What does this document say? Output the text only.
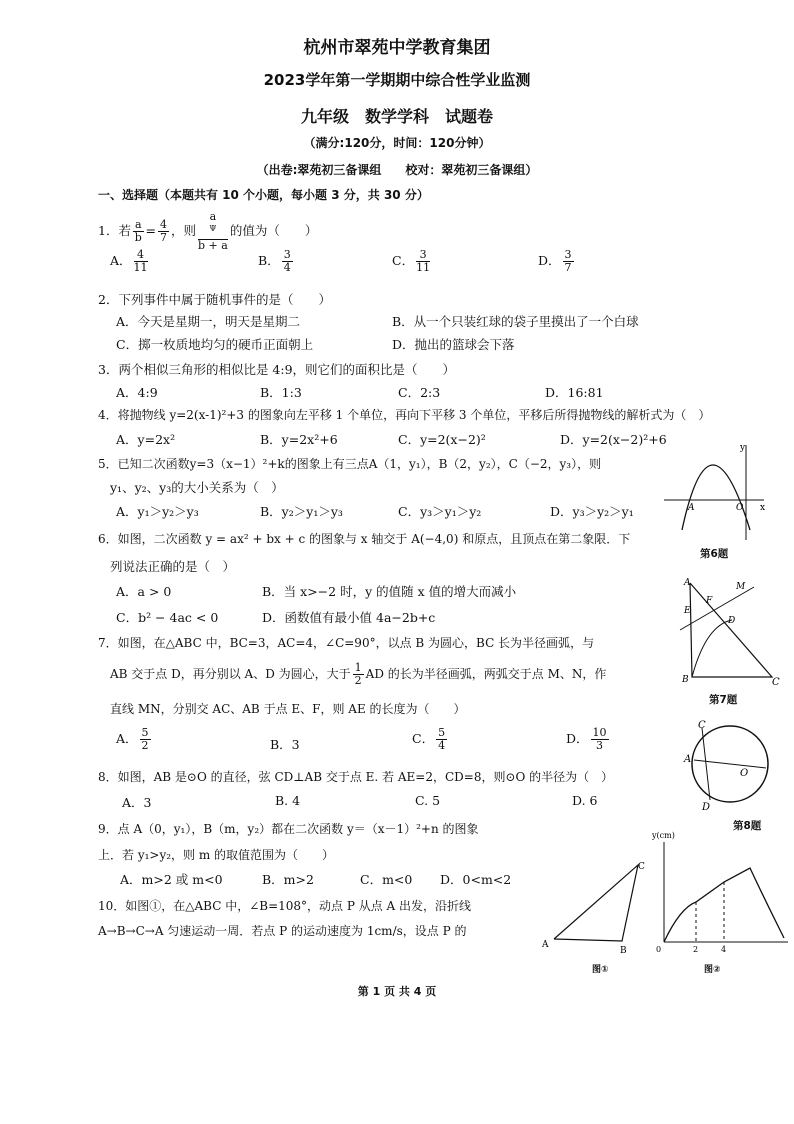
杭州市翠苑中学教育集团
2023学年第一学期期中综合性学业监测
九年级　数学学科　试题卷
（满分:120分，时间：120分钟）
（出卷:翠苑初三备课组　　校对：翠苑初三备课组）
一、选择题（本题共有 10 个小题，每小题 3 分，共 30 分）
1．若 $\frac{a}{b} = \frac{4}{7}$ ，则 a
$^\Psi$
b + a 的值为（　　）
A． $\frac{4}{11}$	B． $\frac{3}{4}$	C． $\frac{3}{11}$	D． $\frac{3}{7}$
2．下列事件中属于随机事件的是（　　）
A．今天是星期一，明天是星期二	B．从一个只装红球的袋子里摸出了一个白球
C．掷一枚质地均匀的硬币正面朝上	D．抛出的篮球会下落
3．两个相似三角形的相似比是 4:9，则它们的面积比是（　　）
A．4:9	B．1:3	C．2:3	D．16:81
4．将抛物线 y=2(x-1)²+3 的图象向左平移 1 个单位，再向下平移 3 个单位，平移后所得抛物线的解析式为（　）
A．y=2x²	B．y=2x²+6	C．y=2(x−2)²	D．y=2(x−2)²+6
5．已知二次函数y=3（x−1）²+k的图象上有三点A（1，y₁），B（2，y₂），C（−2，y₃），则
y₁、y₂、y₃的大小关系为（　）
A．y₁＞y₂＞y₃	B．y₂＞y₁＞y₃	C．y₃＞y₁＞y₂	D．y₃＞y₂＞y₁
6．如图，二次函数 y = ax² + bx + c 的图象与 x 轴交于 A(−4,0) 和原点，且顶点在第二象限．下
列说法正确的是（　）
A．a > 0	B．当 x>−2 时，y 的值随 x 值的增大而减小
C．b² − 4ac < 0	D．函数值有最小值 4a−2b+c
7．如图，在△ABC 中，BC=3，AC=4，∠C=90°，以点 B 为圆心，BC 长为半径画弧，与
AB 交于点 D，再分别以 A、D 为圆心，大于 $\frac{1}{2}$ AD 的长为半径画弧，两弧交于点 M、N，作
直线 MN，分别交 AC、AB 于点 E、F，则 AE 的长度为（　　）
A． $\frac{5}{2}$	B．3	C． $\frac{5}{4}$	D． $\frac{10}{3}$
8．如图，AB 是⊙O 的直径，弦 CD⊥AB 交于点 E. 若 AE=2，CD=8，则⊙O 的半径为（　）
A．3	B. 4	C. 5	D. 6
9．点 A（0，y₁），B（m，y₂）都在二次函数 y＝（x－1）²+n 的图象
上．若 y₁>y₂，则 m 的取值范围为（　　）
A．m>2 或 m<0	B．m>2	C．m<0 D．0<m<2
10．如图①，在△ABC 中，∠B=108°，动点 P 从点 A 出发，沿折线
A→B→C→A 匀速运动一周．若点 P 的运动速度为 1cm/s，设点 P 的
y
x
A	O
第6题
A
B	C
D
E
F
M
第7题
C
A
O
D
第8题
A
B
C
图①
y(cm)
0	2	4
图②
第 1 页 共 4 页
